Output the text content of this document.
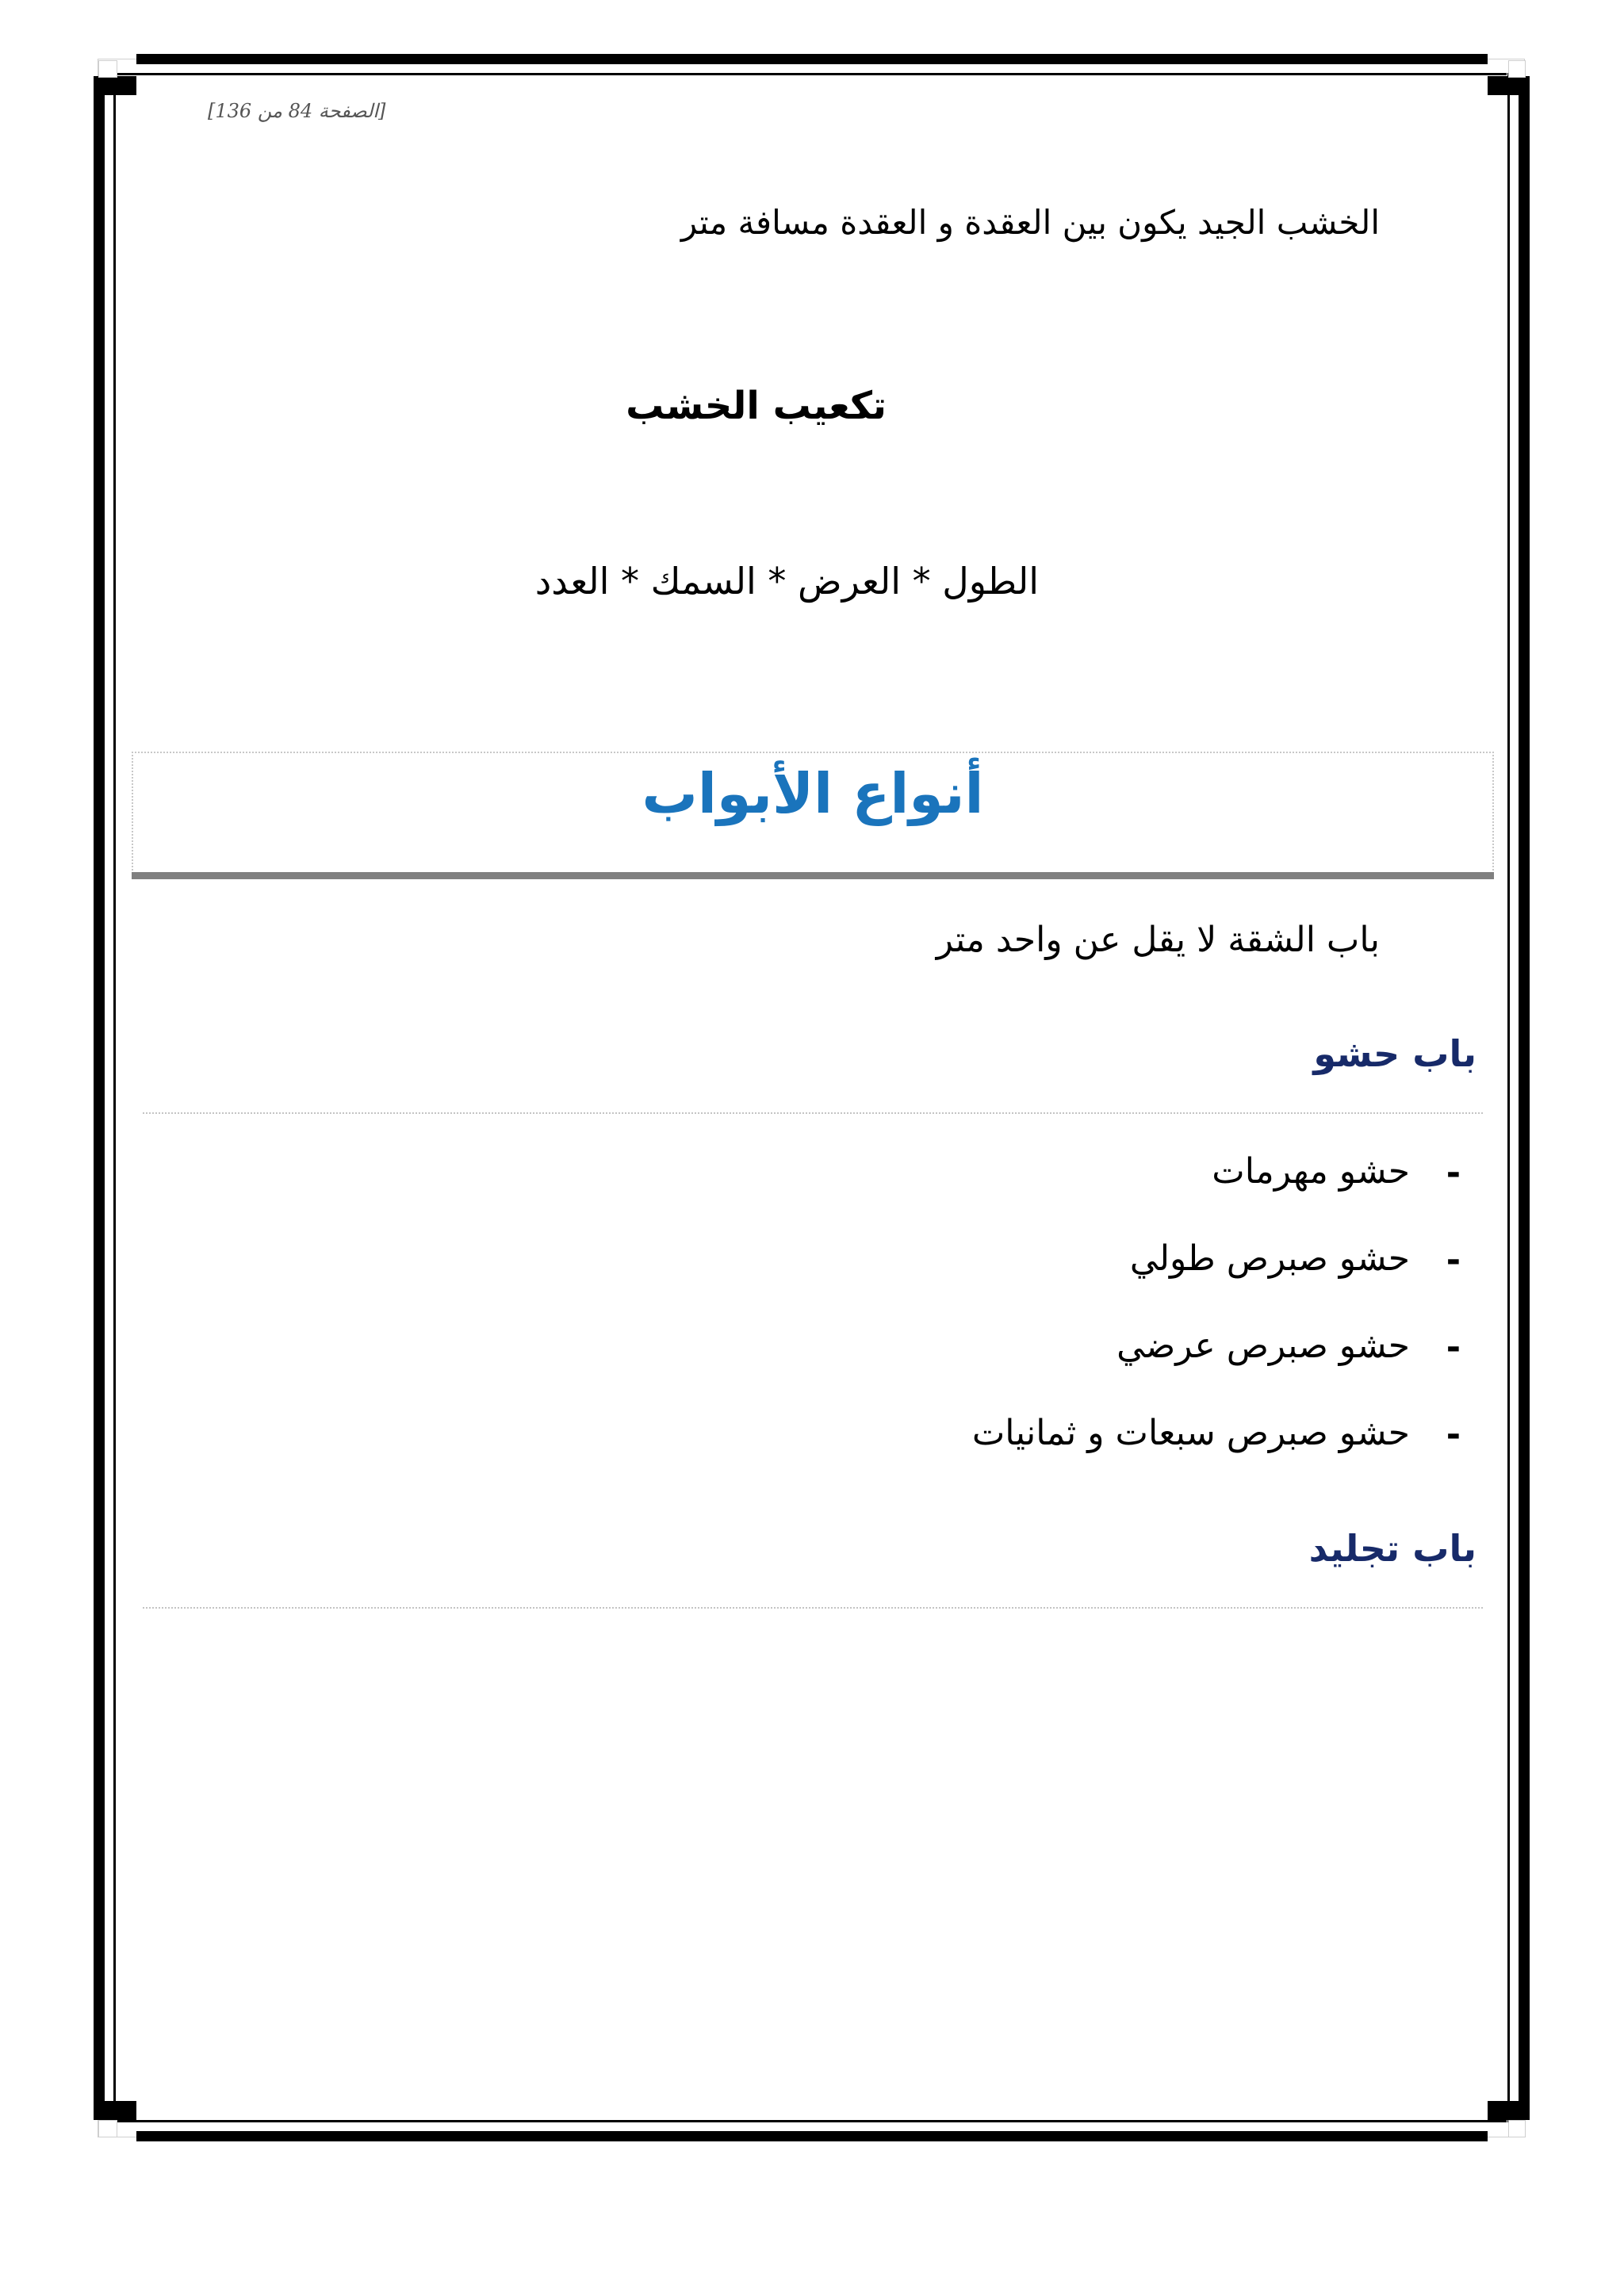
[الصفحة 84 من 136]
الخشب الجيد يكون بين العقدة و العقدة مسافة متر
تكعيب الخشب
الطول * العرض * السمك * العدد
أنواع الأبواب
باب الشقة لا يقل عن واحد متر
باب حشو
-
حشو مهرمات
-
حشو صبرص طولي
-
حشو صبرص عرضي
-
حشو صبرص سبعات و ثمانيات
باب تجليد
